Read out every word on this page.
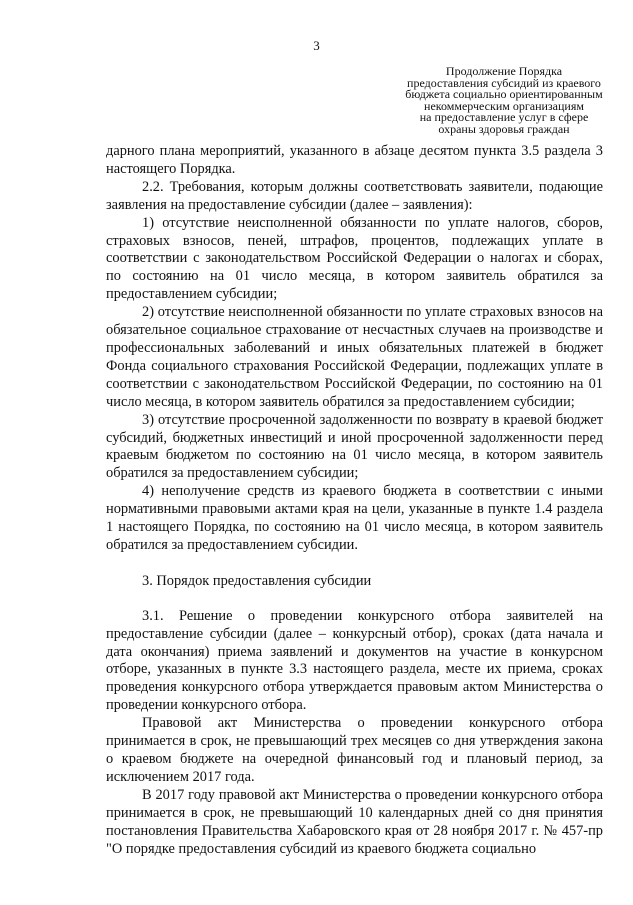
3
Продолжение Порядка
предоставления субсидий из краевого
бюджета социально ориентированным
некоммерческим организациям
на предоставление услуг в сфере
охраны здоровья граждан

дарного плана мероприятий, указанного в абзаце десятом пункта 3.5 раздела 3 настоящего Порядка.

2.2. Требования, которым должны соответствовать заявители, подающие заявления на предоставление субсидии (далее – заявления):

1) отсутствие неисполненной обязанности по уплате налогов, сборов, страховых взносов, пеней, штрафов, процентов, подлежащих уплате в соответствии с законодательством Российской Федерации о налогах и сборах, по состоянию на 01 число месяца, в котором заявитель обратился за предоставлением субсидии;

2) отсутствие неисполненной обязанности по уплате страховых взносов на обязательное социальное страхование от несчастных случаев на производстве и профессиональных заболеваний и иных обязательных платежей в бюджет Фонда социального страхования Российской Федерации, подлежащих уплате в соответствии с законодательством Российской Федерации, по состоянию на 01 число месяца, в котором заявитель обратился за предоставлением субсидии;

3) отсутствие просроченной задолженности по возврату в краевой бюджет субсидий, бюджетных инвестиций и иной просроченной задолженности перед краевым бюджетом по состоянию на 01 число месяца, в котором заявитель обратился за предоставлением субсидии;

4) неполучение средств из краевого бюджета в соответствии с иными нормативными правовыми актами края на цели, указанные в пункте 1.4 раздела 1 настоящего Порядка, по состоянию на 01 число месяца, в котором заявитель обратился за предоставлением субсидии.

3. Порядок предоставления субсидии

3.1. Решение о проведении конкурсного отбора заявителей на предоставление субсидии (далее – конкурсный отбор), сроках (дата начала и дата окончания) приема заявлений и документов на участие в конкурсном отборе, указанных в пункте 3.3 настоящего раздела, месте их приема, сроках проведения конкурсного отбора утверждается правовым актом Министерства о проведении конкурсного отбора.

Правовой акт Министерства о проведении конкурсного отбора принимается в срок, не превышающий трех месяцев со дня утверждения закона о краевом бюджете на очередной финансовый год и плановый период, за исключением 2017 года.

В 2017 году правовой акт Министерства о проведении конкурсного отбора принимается в срок, не превышающий 10 календарных дней со дня принятия постановления Правительства Хабаровского края от 28 ноября 2017 г. № 457-пр "О порядке предоставления субсидий из краевого бюджета социально
